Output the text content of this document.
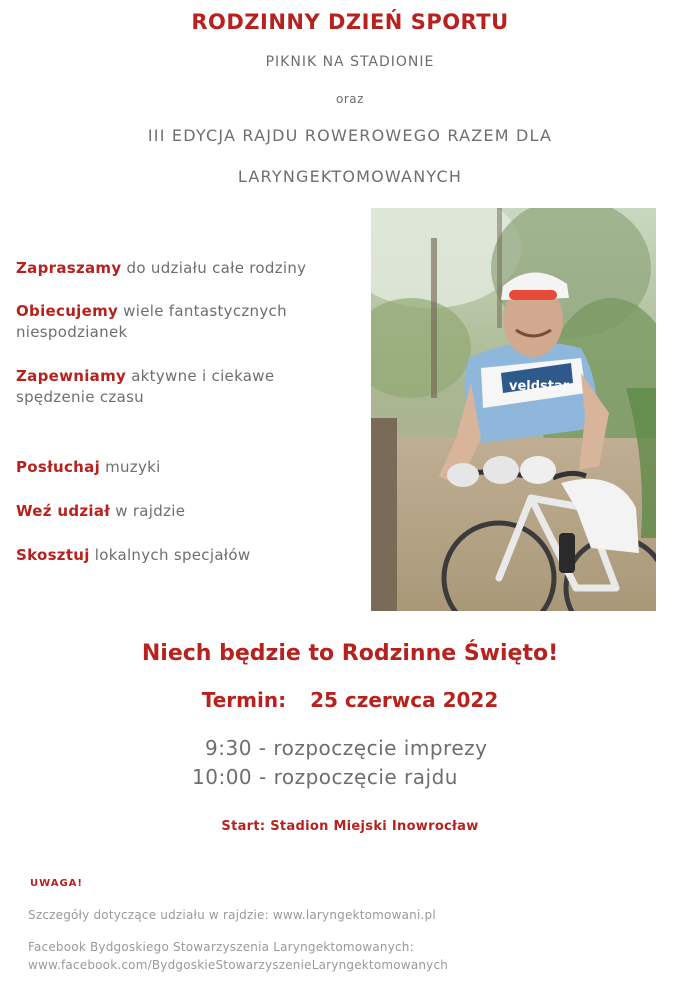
RODZINNY DZIEŃ SPORTU
PIKNIK NA STADIONIE
oraz
III EDYCJA RAJDU ROWEROWEGO RAZEM DLA
LARYNGEKTOMOWANYCH
Zapraszamy do udziału całe rodziny
Obiecujemy wiele fantastycznych niespodzianek
Zapewniamy aktywne i ciekawe spędzenie czasu
Posłuchaj muzyki
Weź udział w rajdzie
Skosztuj lokalnych specjałów
veldstar
Niech będzie to Rodzinne Święto!
Termin: 25 czerwca 2022
9:30 - rozpoczęcie imprezy
10:00 - rozpoczęcie rajdu
Start: Stadion Miejski Inowrocław
UWAGA!
Szczegóły dotyczące udziału w rajdzie: www.laryngektomowani.pl
Facebook Bydgoskiego Stowarzyszenia Laryngektomowanych:
www.facebook.com/BydgoskieStowarzyszenieLaryngektomowanych
